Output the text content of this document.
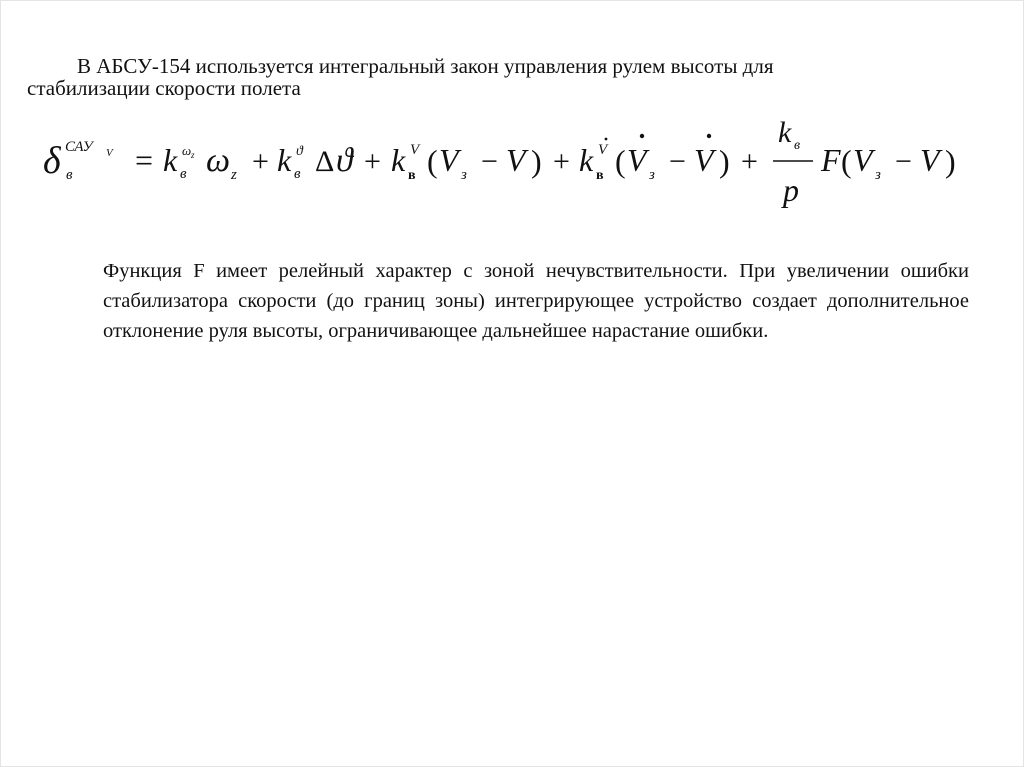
В АБСУ-154 используется интегральный закон управления рулем высоты для
стабилизации скорости полета
δ САУ V
в = k в
ω z ω z + k в
ϑ Δ ϑ + k в
V ( V з − V ) + k в
V ( V з − V ) +
k в
p
F ( V з − V )
Функция F имеет релейный характер с зоной нечувствительности. При увеличении ошибки стабилизатора скорости (до границ зоны) интегрирующее устройство создает дополнительное отклонение руля высоты, ограничивающее дальнейшее нарастание ошибки.
